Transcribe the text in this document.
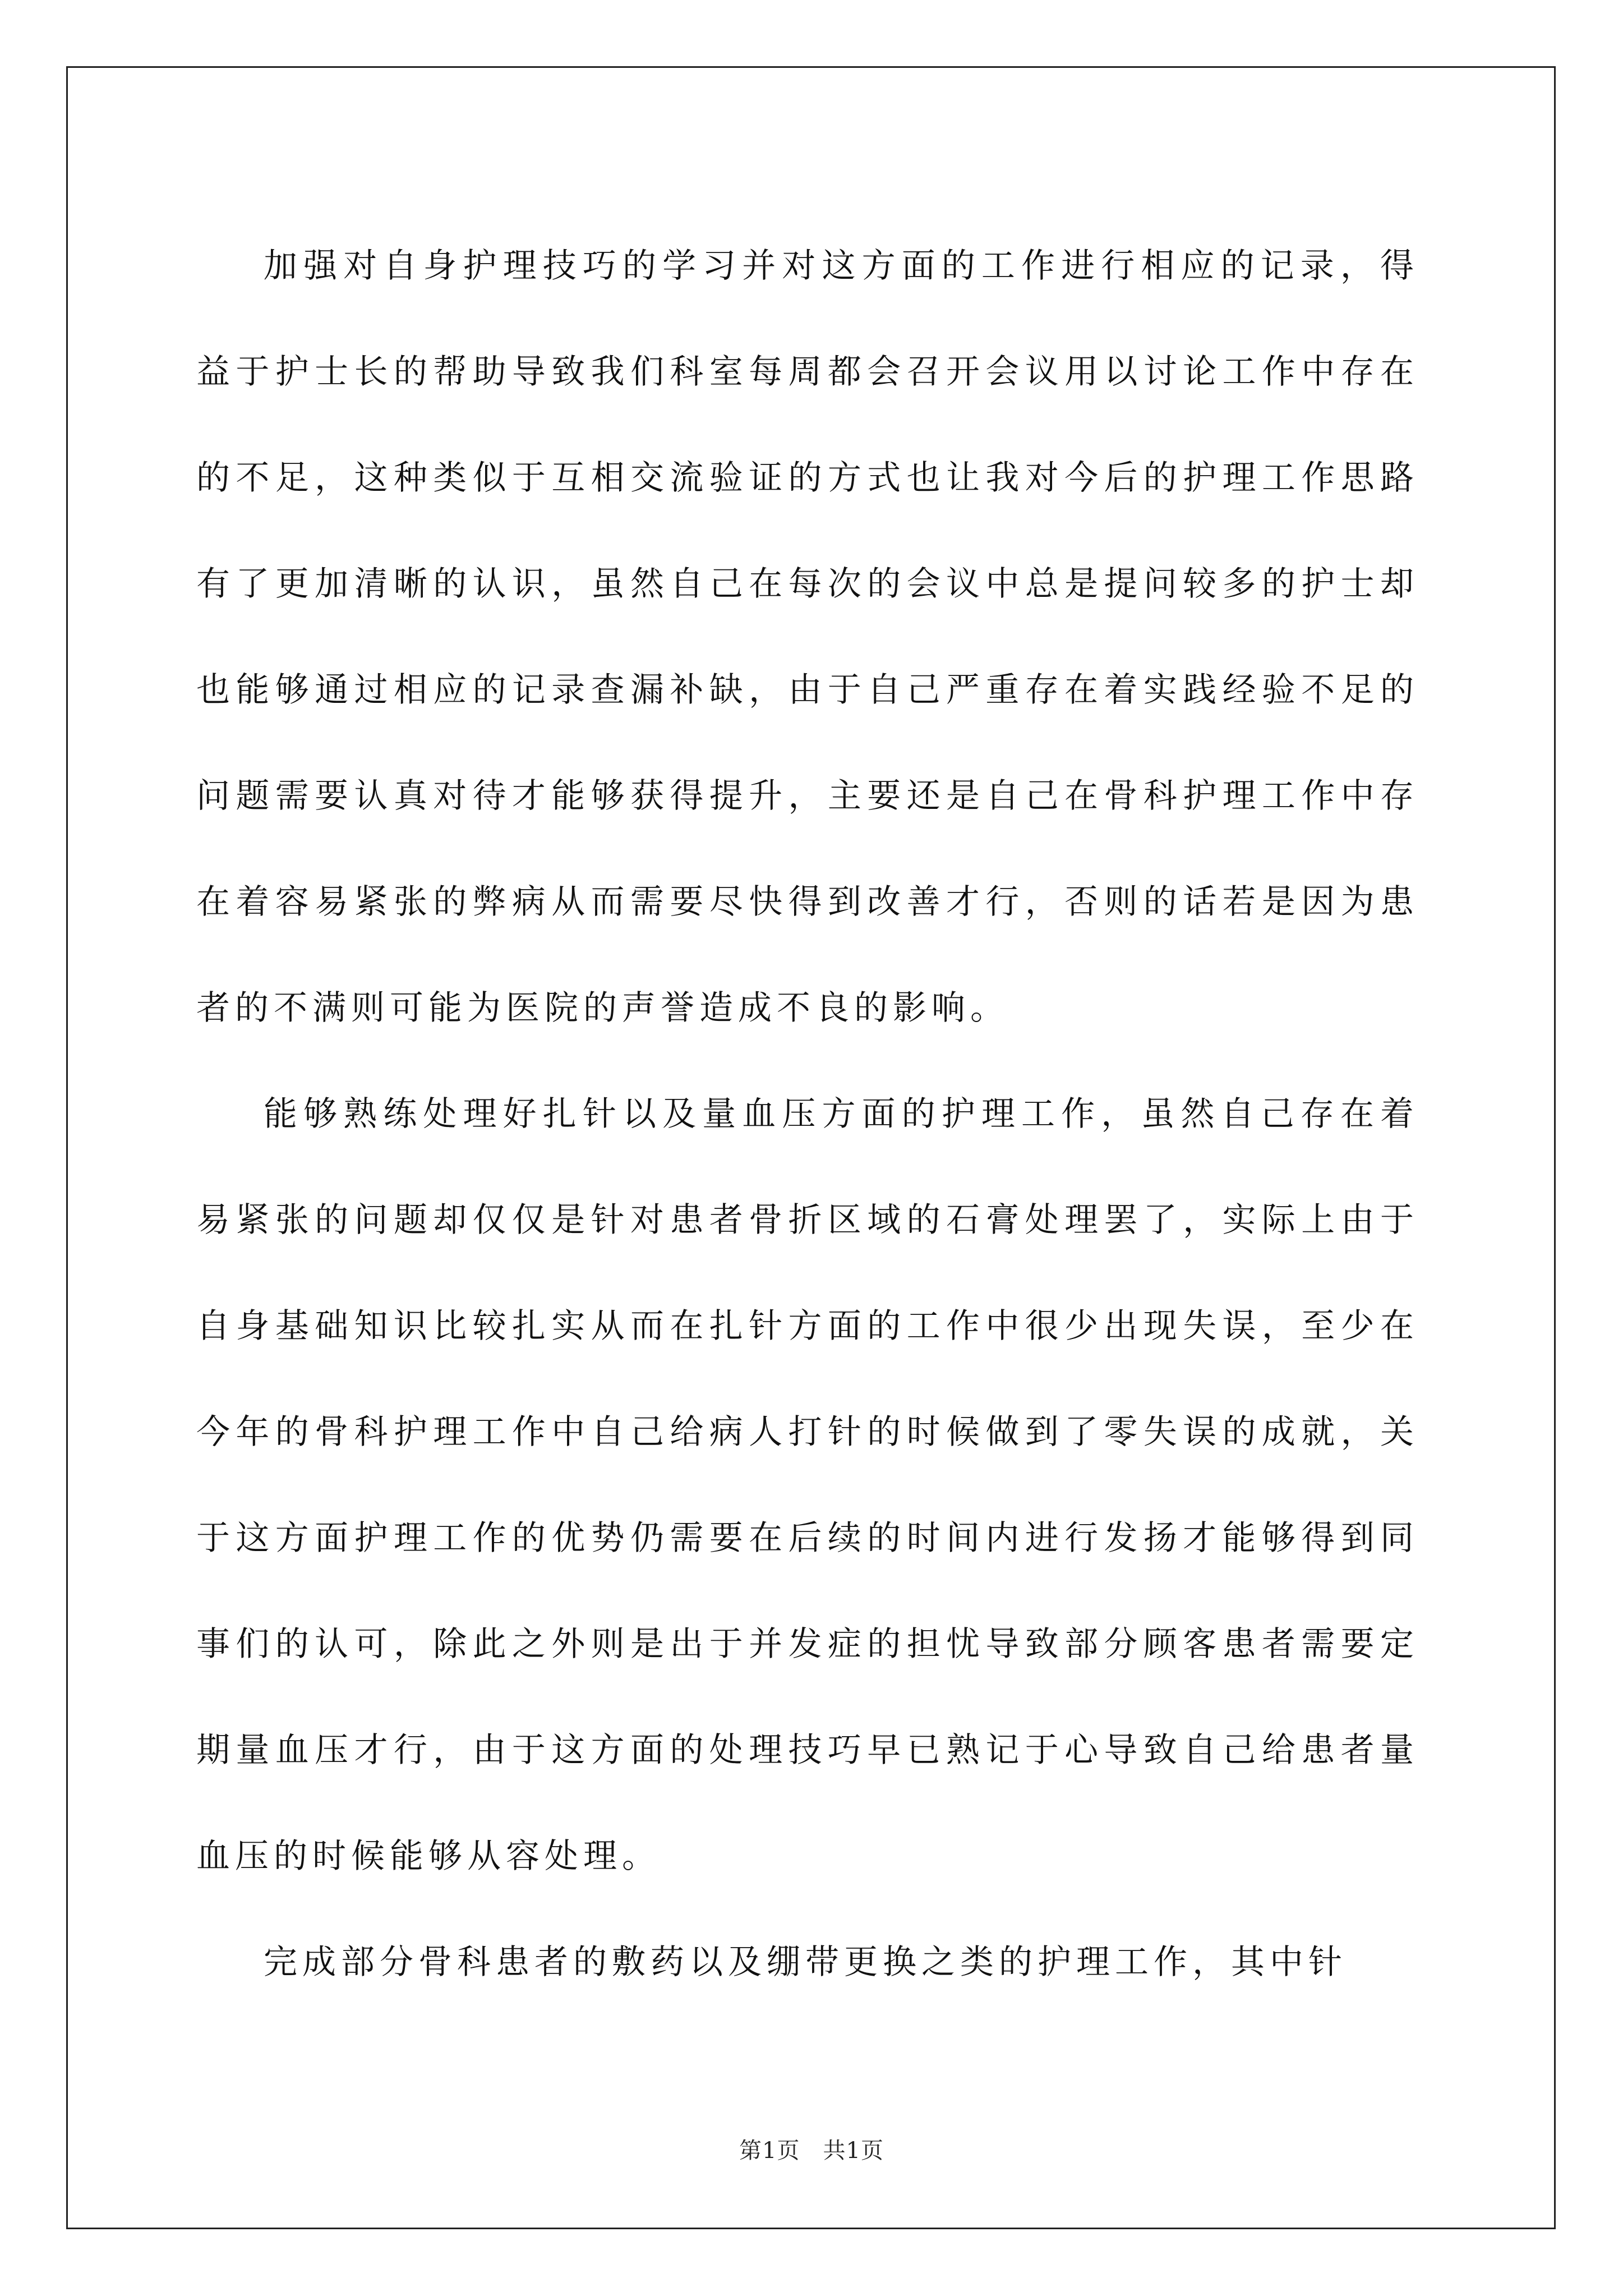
加强对自身护理技巧的学习并对这方面的工作进行相应的记录，得益于护士长的帮助导致我们科室每周都会召开会议用以讨论工作中存在的不足，这种类似于互相交流验证的方式也让我对今后的护理工作思路有了更加清晰的认识，虽然自己在每次的会议中总是提问较多的护士却也能够通过相应的记录查漏补缺，由于自己严重存在着实践经验不足的问题需要认真对待才能够获得提升，主要还是自己在骨科护理工作中存在着容易紧张的弊病从而需要尽快得到改善才行，否则的话若是因为患者的不满则可能为医院的声誉造成不良的影响。

能够熟练处理好扎针以及量血压方面的护理工作，虽然自己存在着易紧张的问题却仅仅是针对患者骨折区域的石膏处理罢了，实际上由于自身基础知识比较扎实从而在扎针方面的工作中很少出现失误，至少在今年的骨科护理工作中自己给病人打针的时候做到了零失误的成就，关于这方面护理工作的优势仍需要在后续的时间内进行发扬才能够得到同事们的认可，除此之外则是出于并发症的担忧导致部分顾客患者需要定期量血压才行，由于这方面的处理技巧早已熟记于心导致自己给患者量血压的时候能够从容处理。

完成部分骨科患者的敷药以及绷带更换之类的护理工作，其中针

第1页　共1页
